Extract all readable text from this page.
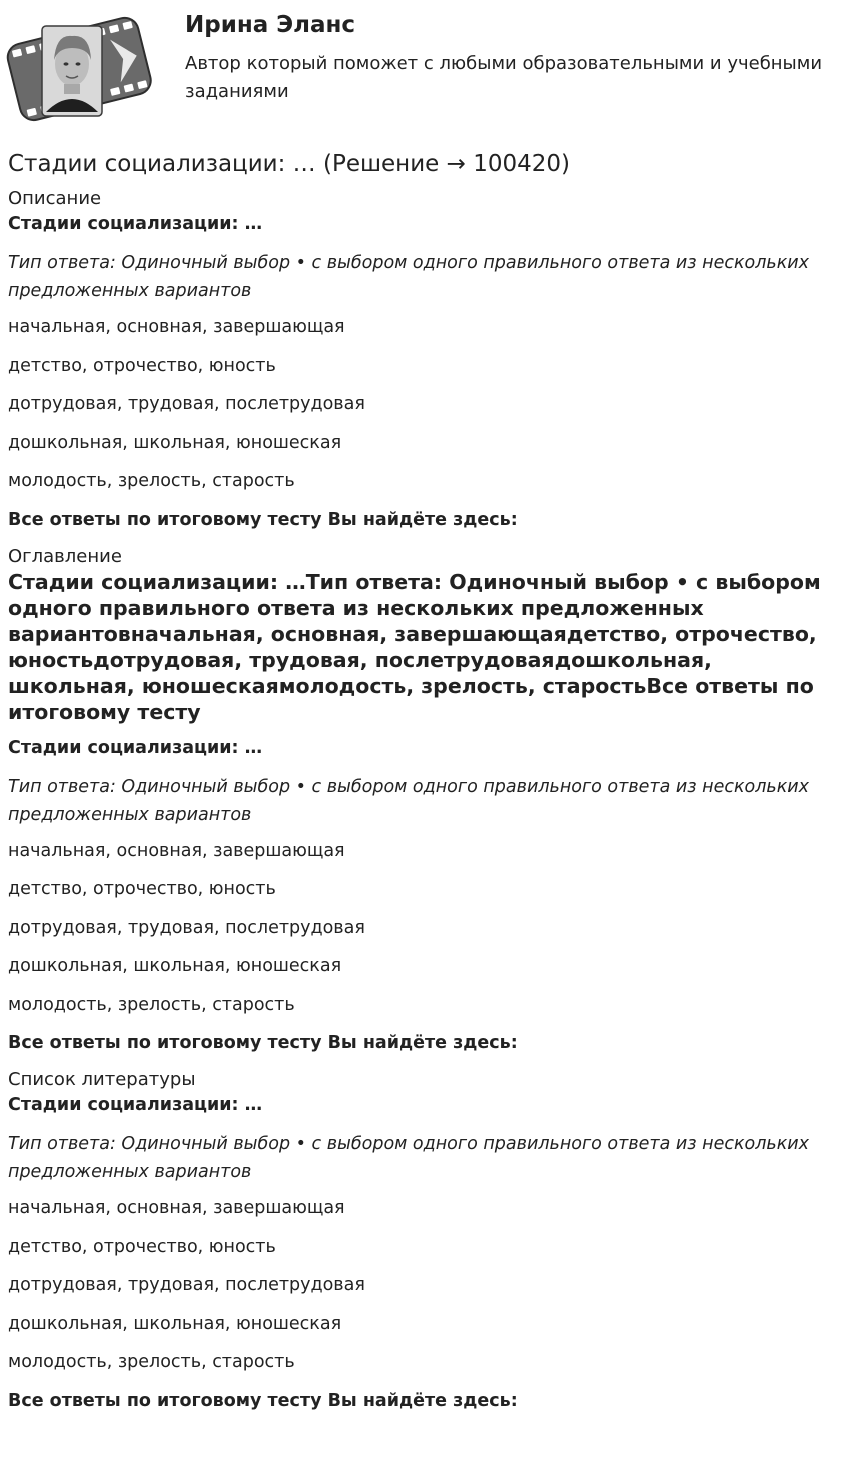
Ирина Эланс
Автор который поможет с любыми образовательными и учебными заданиями
Стадии социализации: … (Решение → 100420)

Описание

Стадии социализации: …

Тип ответа: Одиночный выбор • с выбором одного правильного ответа из нескольких предложенных вариантов

начальная, основная, завершающая

детство, отрочество, юность

дотрудовая, трудовая, послетрудовая

дошкольная, школьная, юношеская

молодость, зрелость, старость

Все ответы по итоговому тесту Вы найдёте здесь:

Оглавление

Стадии социализации: …Тип ответа: Одиночный выбор • с выбором одного правильного ответа из нескольких предложенных вариантовначальная, основная, завершающаядетство, отрочество, юностьдотрудовая, трудовая, послетрудоваядошкольная, школьная, юношескаямолодость, зрелость, старостьВсе ответы по итоговому тесту

Стадии социализации: …

Тип ответа: Одиночный выбор • с выбором одного правильного ответа из нескольких предложенных вариантов

начальная, основная, завершающая

детство, отрочество, юность

дотрудовая, трудовая, послетрудовая

дошкольная, школьная, юношеская

молодость, зрелость, старость

Все ответы по итоговому тесту Вы найдёте здесь:

Список литературы

Стадии социализации: …

Тип ответа: Одиночный выбор • с выбором одного правильного ответа из нескольких предложенных вариантов

начальная, основная, завершающая

детство, отрочество, юность

дотрудовая, трудовая, послетрудовая

дошкольная, школьная, юношеская

молодость, зрелость, старость

Все ответы по итоговому тесту Вы найдёте здесь:
